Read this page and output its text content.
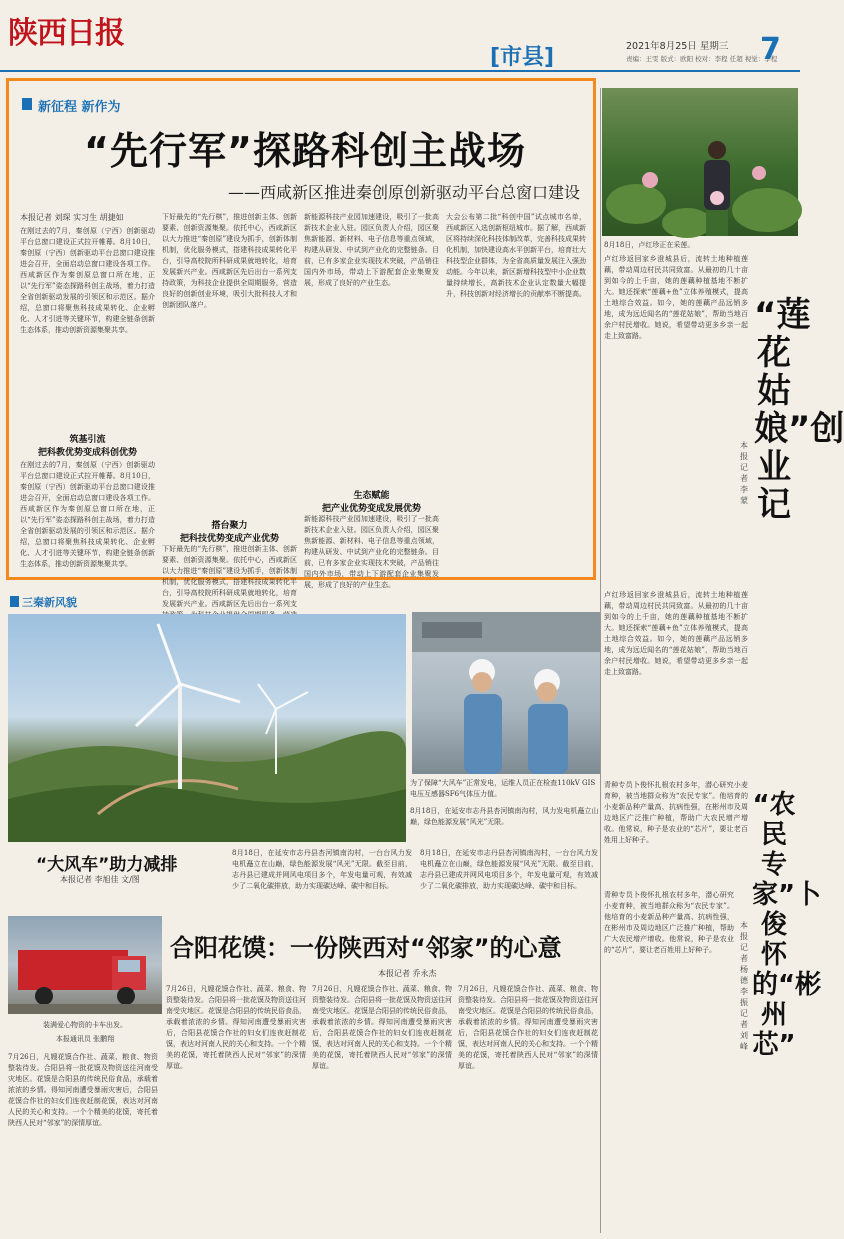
陕西日报
[市县]	2021年8月25日 星期三
责编：王雯 版式：欧阳 校对：李程 任超 视觉：李程
7
新征程 新作为
“先行军”探路科创主战场
——西咸新区推进秦创原创新驱动平台总窗口建设
本报记者 刘琛 实习生 胡捷如
在刚过去的7月，秦创原（宁西）创新驱动平台总窗口建设正式拉开帷幕。8月10日，秦创原（宁西）创新驱动平台总窗口建设推进会召开，全面启动总窗口建设各项工作。西咸新区作为秦创原总窗口所在地，正以“先行军”姿态探路科创主战场，着力打造全省创新驱动发展的引领区和示范区。据介绍，总窗口将聚焦科技成果转化、企业孵化、人才引进等关键环节，构建全链条创新生态体系，推动创新资源集聚共享。
筑基引流
把科教优势变成科创优势
在刚过去的7月，秦创原（宁西）创新驱动平台总窗口建设正式拉开帷幕。8月10日，秦创原（宁西）创新驱动平台总窗口建设推进会召开，全面启动总窗口建设各项工作。西咸新区作为秦创原总窗口所在地，正以“先行军”姿态探路科创主战场，着力打造全省创新驱动发展的引领区和示范区。据介绍，总窗口将聚焦科技成果转化、企业孵化、人才引进等关键环节，构建全链条创新生态体系，推动创新资源集聚共享。
下好最先的“先行棋”，推进创新主体、创新要素、创新资源集聚。依托中心，西咸新区以大力推进“秦创原”建设为抓手，创新体制机制，优化服务模式，搭建科技成果转化平台，引导高校院所科研成果就地转化，培育发展新兴产业。西咸新区先后出台一系列支持政策，为科技企业提供全周期服务，营造良好的创新创业环境，吸引大批科技人才和创新团队落户。
搭台聚力
把科技优势变成产业优势
下好最先的“先行棋”，推进创新主体、创新要素、创新资源集聚。依托中心，西咸新区以大力推进“秦创原”建设为抓手，创新体制机制，优化服务模式，搭建科技成果转化平台，引导高校院所科研成果就地转化，培育发展新兴产业。西咸新区先后出台一系列支
新能源科技产业园加速建设，吸引了一批高新技术企业入驻。园区负责人介绍，园区聚焦新能源、新材料、电子信息等重点领域，构建从研发、中试到产业化的完整链条。目前，已有多家企业实现技术突破，产品销往国内外市场，带动上下游配套企业集聚发展，形成了良好的产业生态。
生态赋能
把产业优势变成发展优势
新能源科技产业园加速建设，吸引了一批高新技术企业入驻。园区负责人介绍，园区聚焦新能源、新材料、电子信息等重点领域，构建从研发、中试到产业化的完整链条。目前，已有多家企业实现技术突破，产品销往国内外市场，带动上下游配套企业集聚发展，形成了良好的产业生态。
大会公布第二批“科创中国”试点城市名单，西咸新区入选创新枢纽城市。据了解，西咸新区将持续深化科技体制改革，完善科技成果转化机制，加快建设高水平创新平台，培育壮大科技型企业群体，为全省高质量发展注入强劲动能。今年以来，新区新增科技型中小企业数量持续增长，高新技术企业认定数量大幅提升，科技创新对经济增长的贡献率不断提高。
8月18日，卢红珍正在采莲。
卢红珍返回家乡澄城县后，流转土地种植莲藕，带动周边村民共同致富。从最初的几十亩到如今的上千亩，她的莲藕种植基地不断扩大。她还探索“莲藕+鱼”立体养殖模式，提高土地综合效益。如今，她的莲藕产品远销多地，成为远近闻名的“莲花姑娘”，帮助当地百余户村民增收。她说，希望带动更多乡亲一起走上致富路。
“莲花姑娘”创业记
本报记者 李蒙
卢红珍返回家乡澄城县后，流转土地种植莲藕，带动周边村民共同致富。从最初的几十亩到如今的上千亩，她的莲藕种植基地不断扩大。她还探索“莲藕+鱼”立体养殖模式，提高土地综合效益。如今，她的莲藕产品远销多地，成为远近闻名的“莲花姑娘”，帮助当地百余户村民增收。她说，希望带动更多乡亲一起走上致富路。
三秦新风貌
为了保障“大风车”正常发电，运维人员正在检查110kV GIS电压互感器SF6气体压力值。
8月18日，在延安市志丹县杏河镇南沟村，风力发电机矗立山巅，绿色能源发展“风光”无限。
“大风车”助力减排
本报记者 李旭佳 文/图
8月18日，在延安市志丹县杏河镇南沟村，一台台风力发电机矗立在山巅，绿色能源发展“风光”无限。截至目前，志丹县已建成并网风电项目多个，年发电量可观，有效减少了二氧化碳排放，助力实现碳达峰、碳中和目标。
8月18日，在延安市志丹县杏河镇南沟村，一台台风力发电机矗立在山巅，绿色能源发展“风光”无限。截至目前，志丹县已建成并网风电项目多个，年发电量可观，有效减少了二氧化碳排放，助力实现碳达峰、碳中和目标。
装满爱心物资的卡车出发。
本报通讯员 张鹏翔
合阳花馍：一份陕西对“邻家”的心意
本报记者 乔永杰
7月26日，凡嫂花馍合作社、蔬菜、粮食、物资整装待发。合阳县将一批花馍及物资送往河南受灾地区。花馍是合阳县的传统民俗食品，承载着浓浓的乡情。得知河南遭受暴雨灾害后，合阳县花馍合作社的妇女们连夜赶制花馍，表达对河南人民的关心和支持。一个个精美的花馍，寄托着陕西人民对“邻家”的深情厚谊。
7月26日，凡嫂花馍合作社、蔬菜、粮食、物资整装待发。合阳县将一批花馍及物资送往河南受灾地区。花馍是合阳县的传统民俗食品，承载着浓浓的乡情。得知河南遭受暴雨灾害后，合阳县花馍合作社的妇女们连夜赶制花馍，表达对河南人民的关心和支持。一个个精美的花馍，寄托着陕西人民对“邻家”的深情厚谊。
7月26日，凡嫂花馍合作社、蔬菜、粮食、物资整装待发。合阳县将一批花馍及物资送往河南受灾地区。花馍是合阳县的传统民俗食品，承载着浓浓的乡情。得知河南遭受暴雨灾害后，合阳县花馍合作社的妇女们连夜赶制花馍，表达对河南人民的关心和支持。一个个精美的花馍，寄托着陕西人民对“邻家”的深情厚谊。
7月26日，凡嫂花馍合作社、蔬菜、粮食、物资整装待发。合阳县将一批花馍及物资送往河南受灾地区。花馍是合阳县的传统民俗食品，承载着浓浓的乡情。得知河南遭受暴雨灾害后，合阳县花馍合作社的妇女们连夜赶制花馍，表达对河南人民的关心和支持。一个个精美的花馍，寄托着陕西人民对“邻家”的深情厚谊。
青种专员卜俊怀扎根农村多年，潜心研究小麦育种，被当地群众称为“农民专家”。他培育的小麦新品种产量高、抗病性强，在彬州市及周边地区广泛推广种植，帮助广大农民增产增收。他常说，种子是农业的“芯片”，要让老百姓用上好种子。
“农民专家”卜俊怀的“彬州芯”
本报记者 杨德 李振 记者 刘峰
青种专员卜俊怀扎根农村多年，潜心研究小麦育种，被当地群众称为“农民专家”。他培育的小麦新品种产量高、抗病性强，在彬州市及周边地区广泛推广种植，帮助广大农民增产增收。他常说，种子是农业的“芯片”，要让老百姓用上好种子。
